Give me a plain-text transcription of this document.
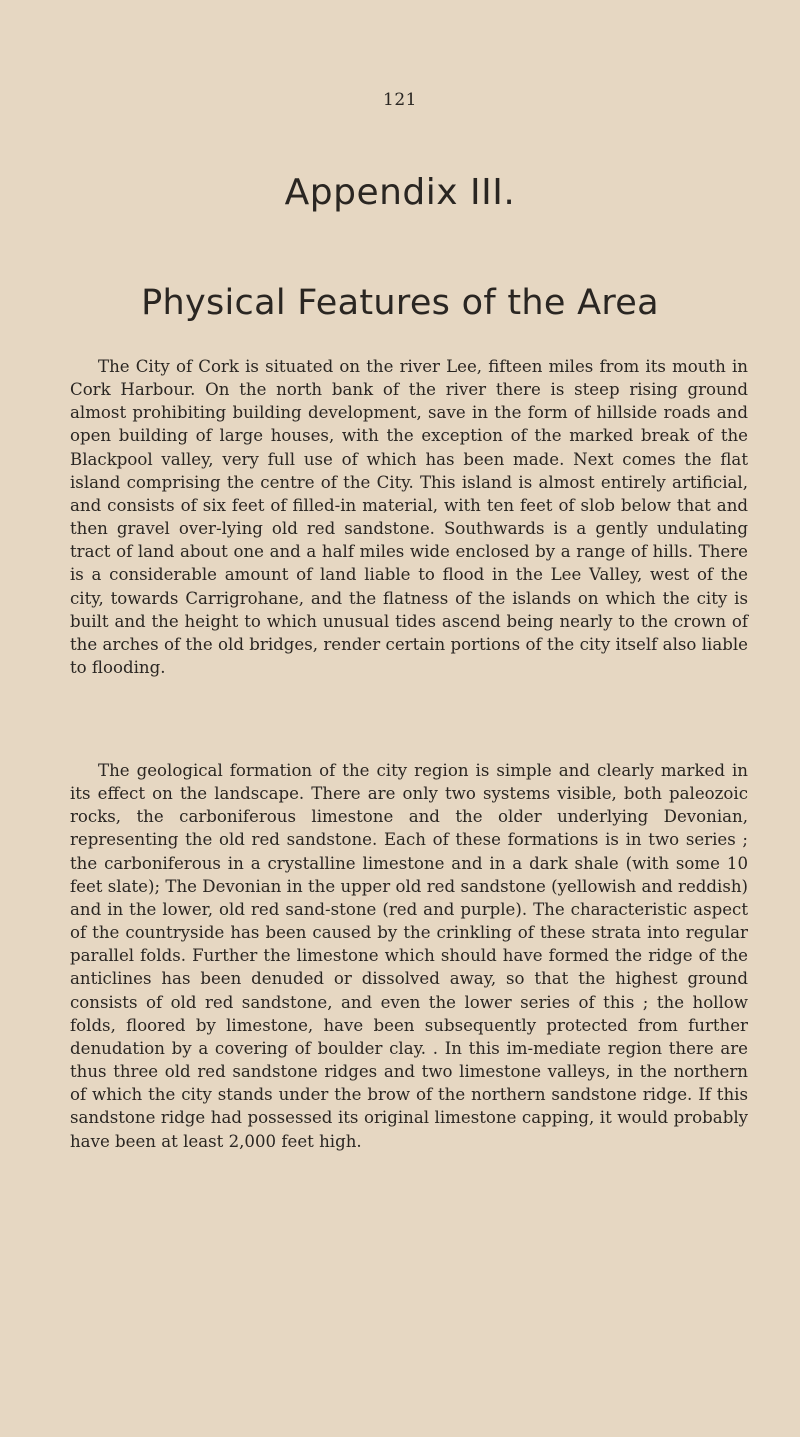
121
Appendix III.
Physical Features of the Area

The City of Cork is situated on the river Lee, fifteen miles from its mouth in Cork Harbour. On the north bank of the river there is steep rising ground almost prohibiting building development, save in the form of hillside roads and open building of large houses, with the exception of the marked break of the Blackpool valley, very full use of which has been made. Next comes the flat island comprising the centre of the City. This island is almost entirely artificial, and consists of six feet of filled-in material, with ten feet of slob below that and then gravel over-lying old red sandstone. Southwards is a gently undulating tract of land about one and a half miles wide enclosed by a range of hills. There is a considerable amount of land liable to flood in the Lee Valley, west of the city, towards Carrigrohane, and the flatness of the islands on which the city is built and the height to which unusual tides ascend being nearly to the crown of the arches of the old bridges, render certain portions of the city itself also liable to flooding.

The geological formation of the city region is simple and clearly marked in its effect on the landscape. There are only two systems visible, both paleozoic rocks, the carboniferous limestone and the older underlying Devonian, representing the old red sandstone. Each of these formations is in two series ; the carboniferous in a crystalline limestone and in a dark shale (with some 10 feet slate); The Devonian in the upper old red sandstone (yellowish and reddish) and in the lower, old red sand-stone (red and purple). The characteristic aspect of the countryside has been caused by the crinkling of these strata into regular parallel folds. Further the limestone which should have formed the ridge of the anticlines has been denuded or dissolved away, so that the highest ground consists of old red sandstone, and even the lower series of this ; the hollow folds, floored by limestone, have been subsequently protected from further denudation by a covering of boulder clay. . In this im-mediate region there are thus three old red sandstone ridges and two limestone valleys, in the northern of which the city stands under the brow of the northern sandstone ridge. If this sandstone ridge had possessed its original limestone capping, it would probably have been at least 2,000 feet high.
